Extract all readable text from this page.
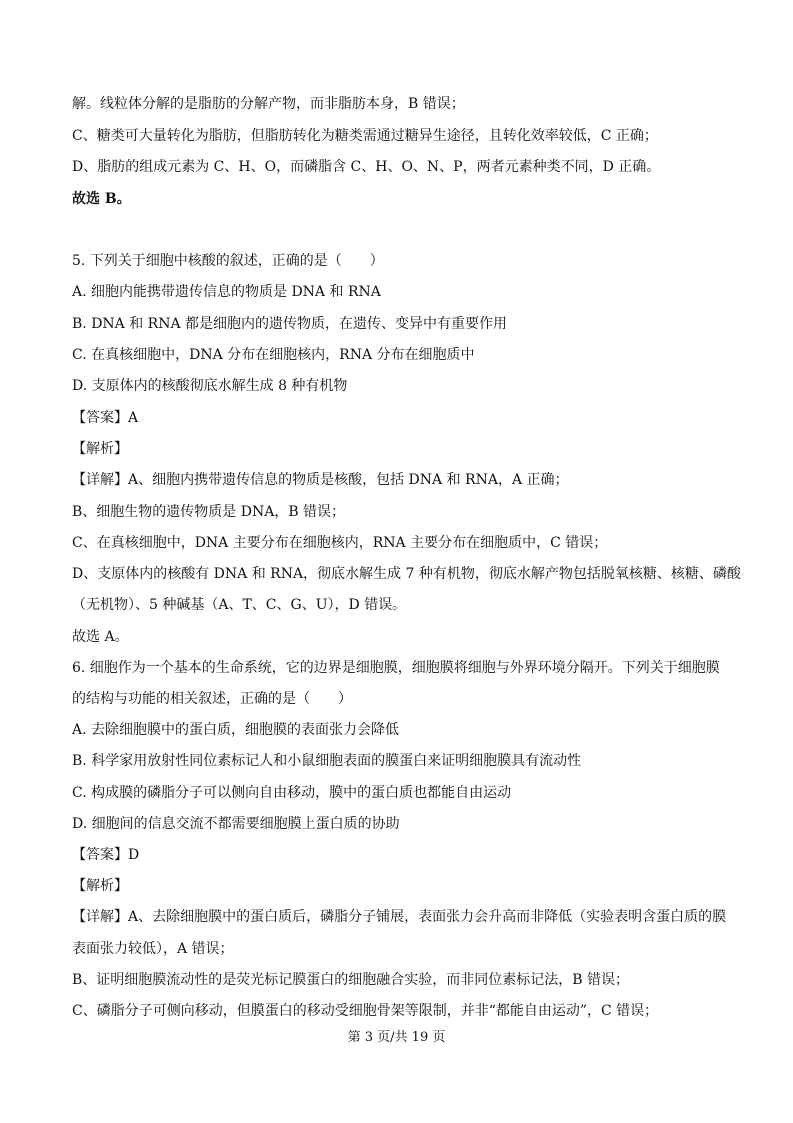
解。线粒体分解的是脂肪的分解产物，而非脂肪本身，B 错误；
C、糖类可大量转化为脂肪，但脂肪转化为糖类需通过糖异生途径，且转化效率较低，C 正确；
D、脂肪的组成元素为 C、H、O，而磷脂含 C、H、O、N、P，两者元素种类不同，D 正确。
故选 B。
5. 下列关于细胞中核酸的叙述，正确的是（　　）
A. 细胞内能携带遗传信息的物质是 DNA 和 RNA
B. DNA 和 RNA 都是细胞内的遗传物质，在遗传、变异中有重要作用
C. 在真核细胞中，DNA 分布在细胞核内，RNA 分布在细胞质中
D. 支原体内的核酸彻底水解生成 8 种有机物
【答案】A
【解析】
【详解】A、细胞内携带遗传信息的物质是核酸，包括 DNA 和 RNA，A 正确；
B、细胞生物的遗传物质是 DNA，B 错误；
C、在真核细胞中，DNA 主要分布在细胞核内，RNA 主要分布在细胞质中，C 错误；
D、支原体内的核酸有 DNA 和 RNA，彻底水解生成 7 种有机物，彻底水解产物包括脱氧核糖、核糖、磷酸
（无机物）、5 种碱基（A、T、C、G、U），D 错误。
故选 A。
6. 细胞作为一个基本的生命系统，它的边界是细胞膜，细胞膜将细胞与外界环境分隔开。下列关于细胞膜
的结构与功能的相关叙述，正确的是（　　）
A. 去除细胞膜中的蛋白质，细胞膜的表面张力会降低
B. 科学家用放射性同位素标记人和小鼠细胞表面的膜蛋白来证明细胞膜具有流动性
C. 构成膜的磷脂分子可以侧向自由移动，膜中的蛋白质也都能自由运动
D. 细胞间的信息交流不都需要细胞膜上蛋白质的协助
【答案】D
【解析】
【详解】A、去除细胞膜中的蛋白质后，磷脂分子铺展，表面张力会升高而非降低（实验表明含蛋白质的膜
表面张力较低），A 错误；
B、证明细胞膜流动性的是荧光标记膜蛋白的细胞融合实验，而非同位素标记法，B 错误；
C、磷脂分子可侧向移动，但膜蛋白的移动受细胞骨架等限制，并非“都能自由运动”，C 错误；
第 3 页/共 19 页
